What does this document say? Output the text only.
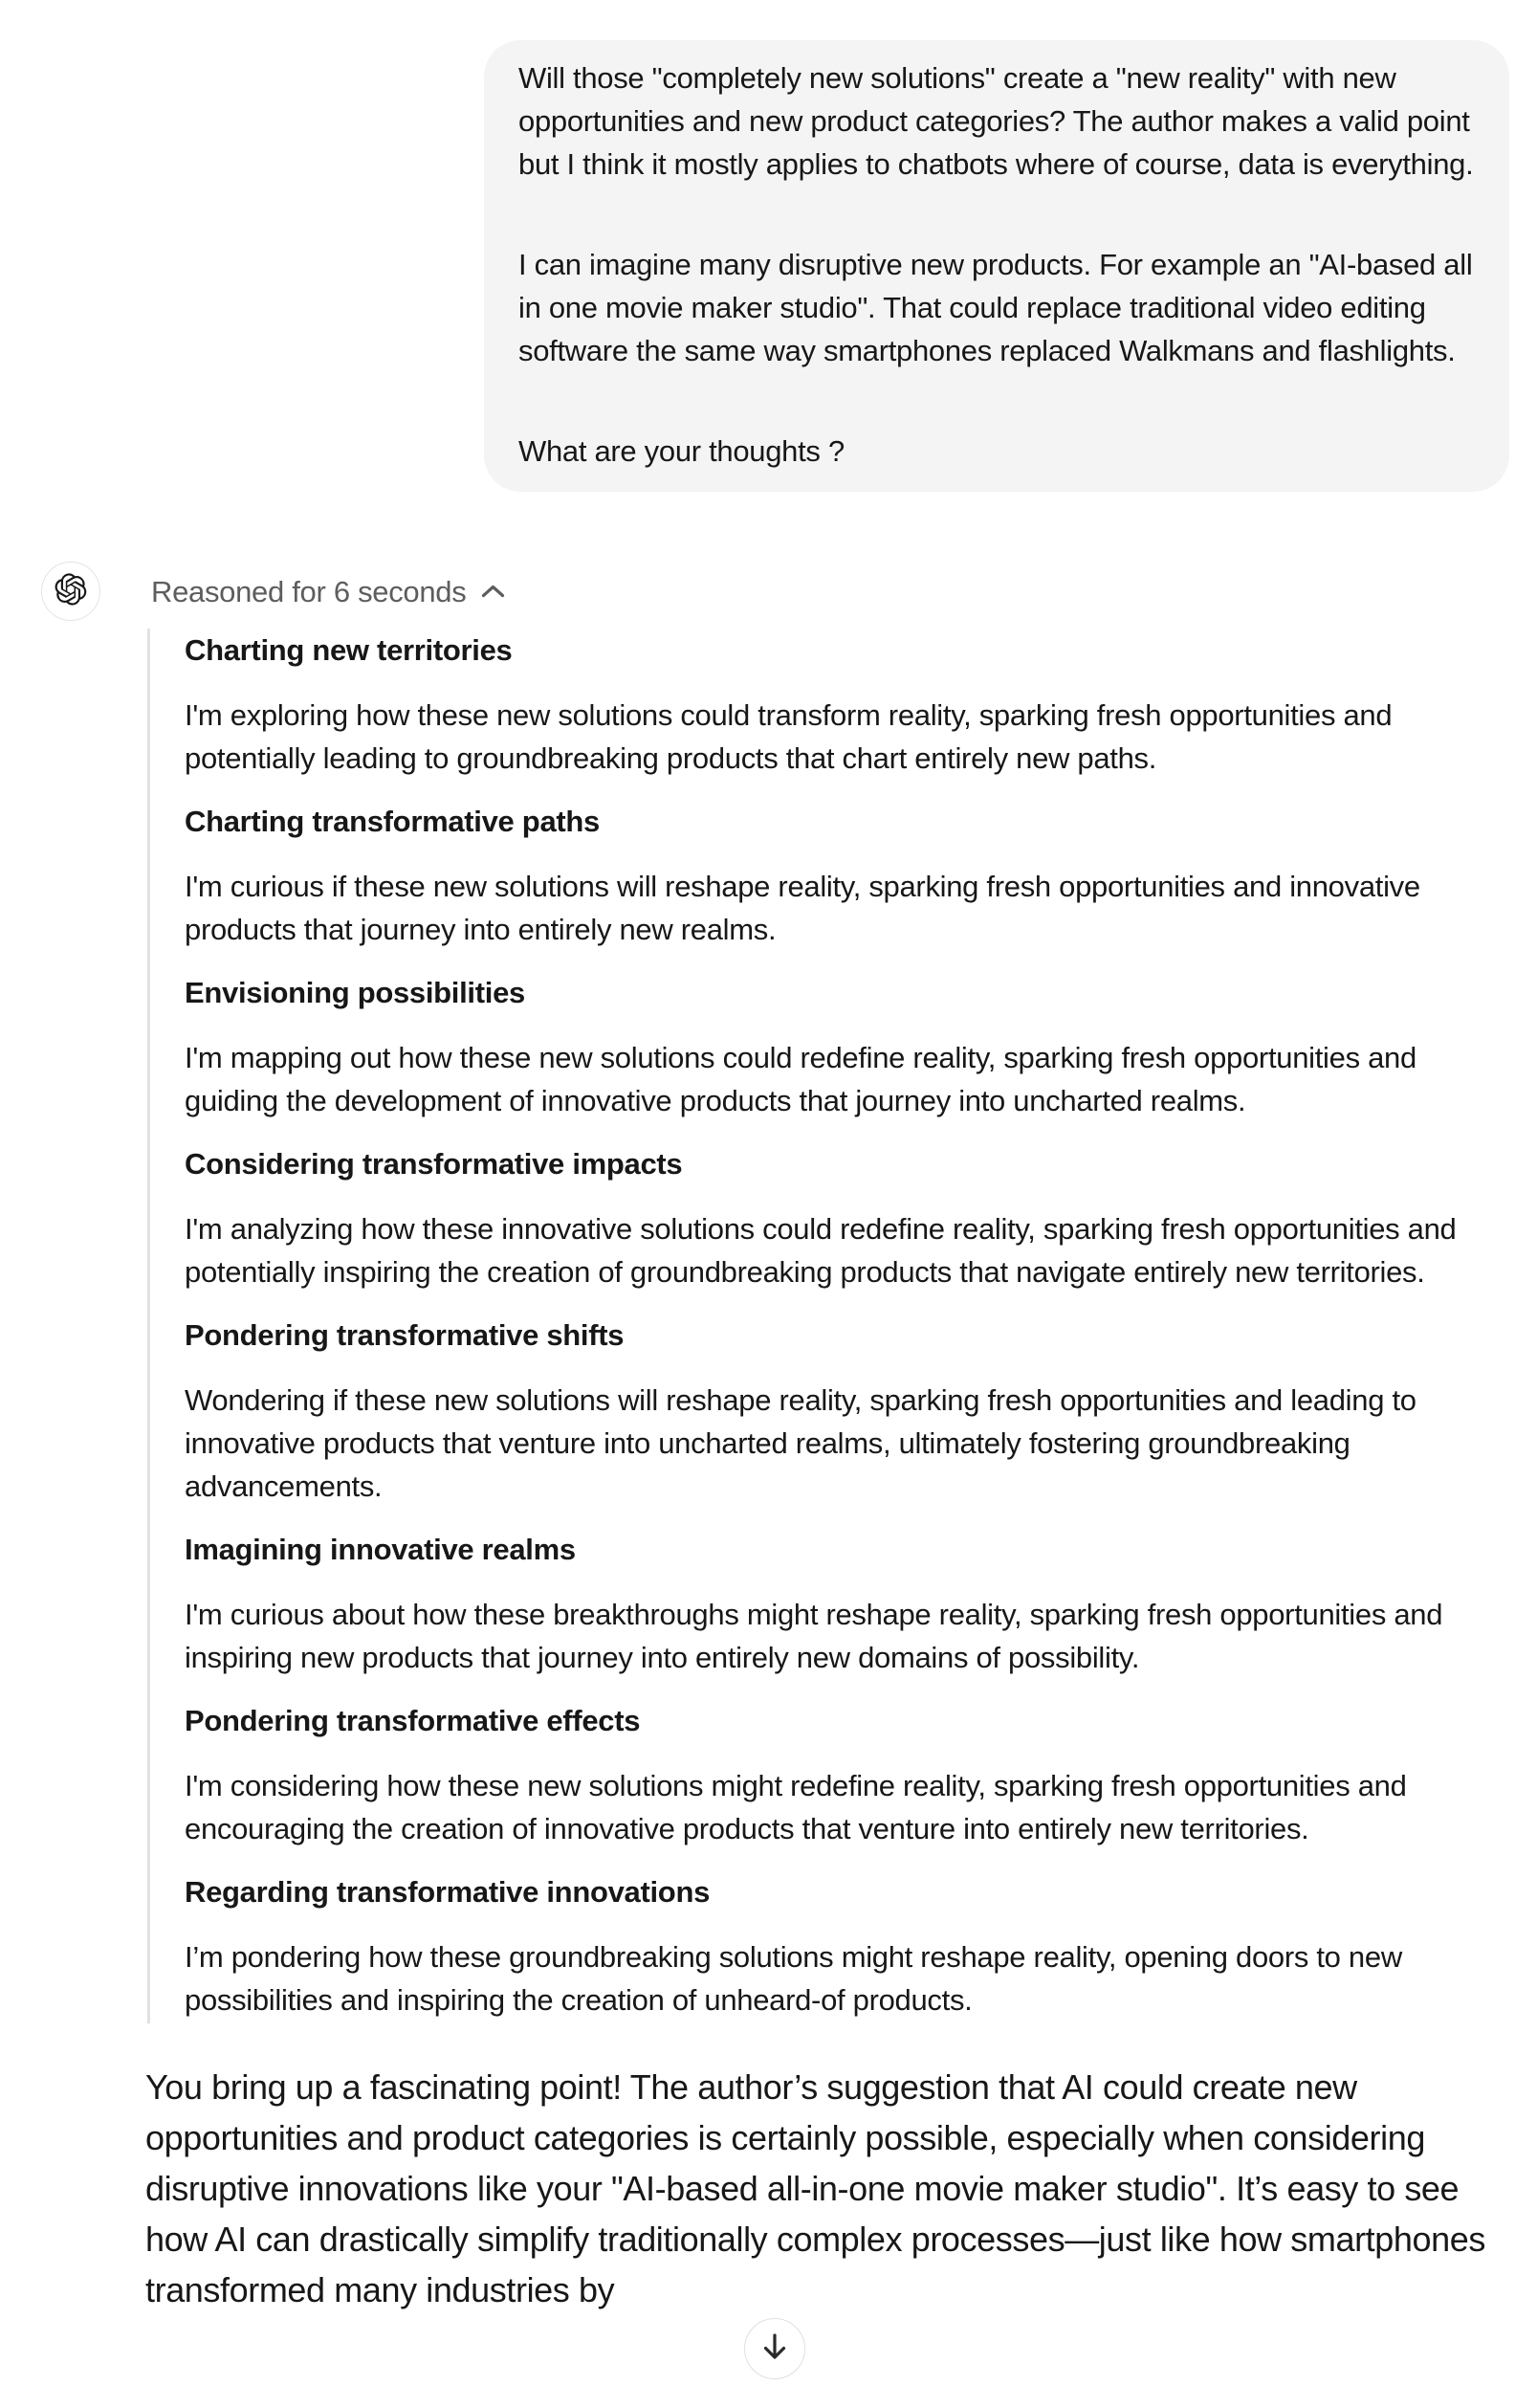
Will those "completely new solutions" create a "new reality" with new opportunities and new product categories? The author makes a valid point but I think it mostly applies to chatbots where of course, data is everything.

I can imagine many disruptive new products. For example an "AI-based all in one movie maker studio". That could replace traditional video editing software the same way smartphones replaced Walkmans and flashlights.

What are your thoughts ?

Reasoned for 6 seconds
Charting new territories

I'm exploring how these new solutions could transform reality, sparking fresh opportunities and potentially leading to groundbreaking products that chart entirely new paths.

Charting transformative paths

I'm curious if these new solutions will reshape reality, sparking fresh opportunities and innovative products that journey into entirely new realms.

Envisioning possibilities

I'm mapping out how these new solutions could redefine reality, sparking fresh opportunities and guiding the development of innovative products that journey into uncharted realms.

Considering transformative impacts

I'm analyzing how these innovative solutions could redefine reality, sparking fresh opportunities and potentially inspiring the creation of groundbreaking products that navigate entirely new territories.

Pondering transformative shifts

Wondering if these new solutions will reshape reality, sparking fresh opportunities and leading to innovative products that venture into uncharted realms, ultimately fostering groundbreaking advancements.

Imagining innovative realms

I'm curious about how these breakthroughs might reshape reality, sparking fresh opportunities and inspiring new products that journey into entirely new domains of possibility.

Pondering transformative effects

I'm considering how these new solutions might redefine reality, sparking fresh opportunities and encouraging the creation of innovative products that venture into entirely new territories.

Regarding transformative innovations

I’m pondering how these groundbreaking solutions might reshape reality, opening doors to new possibilities and inspiring the creation of unheard-of products.

You bring up a fascinating point! The author’s suggestion that AI could create new opportunities and product categories is certainly possible, especially when considering disruptive innovations like your "AI-based all-in-one movie maker studio". It’s easy to see how AI can drastically simplify traditionally complex processes—just like how smartphones transformed many industries by
